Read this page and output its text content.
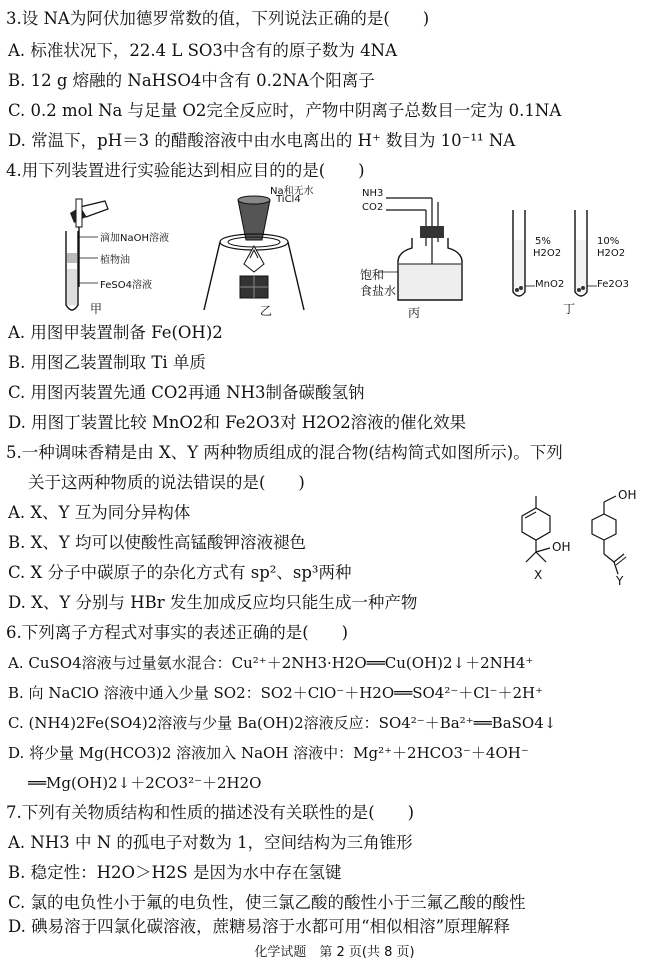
3.设 NA为阿伏加德罗常数的值，下列说法正确的是(　　)
A. 标准状况下，22.4 L SO3中含有的原子数为 4NA
B. 12 g 熔融的 NaHSO4中含有 0.2NA个阳离子
C. 0.2 mol Na 与足量 O2完全反应时，产物中阴离子总数目一定为 0.1NA
D. 常温下，pH＝3 的醋酸溶液中由水电离出的 H⁺ 数目为 10⁻¹¹ NA
4.用下列装置进行实验能达到相应目的的是(　　)
滴加NaOH溶液
植物油
FeSO4溶液
甲
Na和无水
TiCl4
乙
NH3
CO2
饱和
食盐水
丙
5%
H2O2
10%
H2O2
MnO2	Fe2O3
丁
A. 用图甲装置制备 Fe(OH)2
B. 用图乙装置制取 Ti 单质
C. 用图丙装置先通 CO2再通 NH3制备碳酸氢钠
D. 用图丁装置比较 MnO2和 Fe2O3对 H2O2溶液的催化效果
5.一种调味香精是由 X、Y 两种物质组成的混合物(结构简式如图所示)。下列
关于这两种物质的说法错误的是(　　)
A. X、Y 互为同分异构体
B. X、Y 均可以使酸性高锰酸钾溶液褪色
C. X 分子中碳原子的杂化方式有 sp²、sp³两种
D. X、Y 分别与 HBr 发生加成反应均只能生成一种产物
OH
X
OH
Y
6.下列离子方程式对事实的表述正确的是(　　)
A. CuSO4溶液与过量氨水混合：Cu²⁺＋2NH3·H2O══Cu(OH)2↓＋2NH4⁺
B. 向 NaClO 溶液中通入少量 SO2：SO2＋ClO⁻＋H2O══SO4²⁻＋Cl⁻＋2H⁺
C. (NH4)2Fe(SO4)2溶液与少量 Ba(OH)2溶液反应：SO4²⁻＋Ba²⁺══BaSO4↓
D. 将少量 Mg(HCO3)2 溶液加入 NaOH 溶液中：Mg²⁺＋2HCO3⁻＋4OH⁻
══Mg(OH)2↓＋2CO3²⁻＋2H2O
7.下列有关物质结构和性质的描述没有关联性的是(　　)
A. NH3 中 N 的孤电子对数为 1，空间结构为三角锥形
B. 稳定性：H2O＞H2S 是因为水中存在氢键
C. 氯的电负性小于氟的电负性，使三氯乙酸的酸性小于三氟乙酸的酸性
D. 碘易溶于四氯化碳溶液，蔗糖易溶于水都可用“相似相溶”原理解释
化学试题　第 2 页(共 8 页)
